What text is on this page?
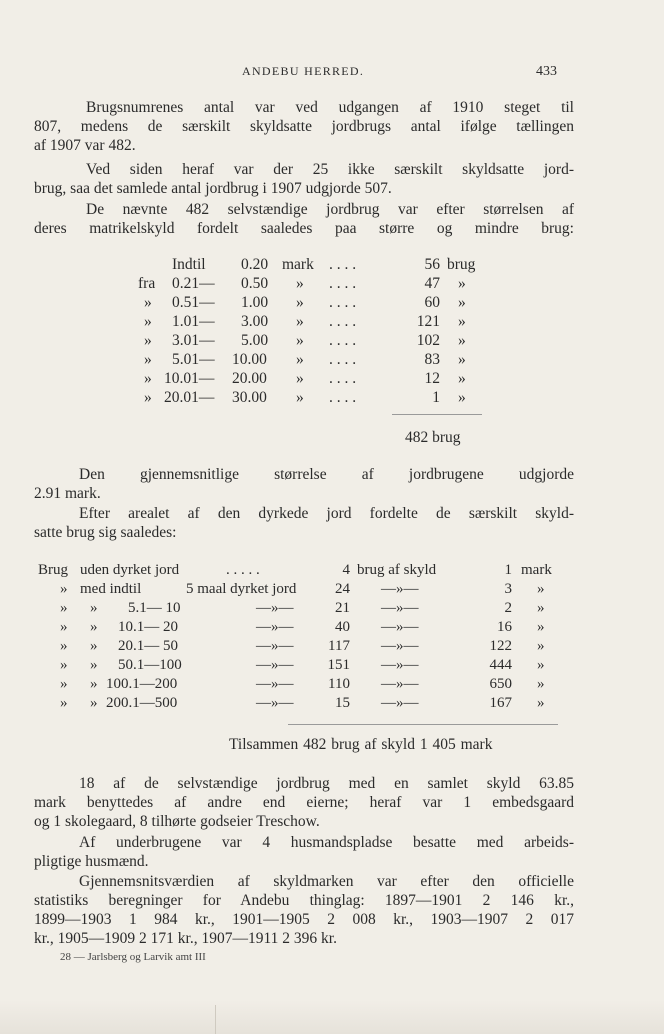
ANDEBU HERRED.	433
Brugsnumrenes antal var ved udgangen af 1910 steget til
807, medens de særskilt skyldsatte jordbrugs antal ifølge tællingen
af 1907 var 482.
Ved siden heraf var der 25 ikke særskilt skyldsatte jord-
brug, saa det samlede antal jordbrug i 1907 udgjorde 507.
De nævnte 482 selvstændige jordbrug var efter størrelsen af
deres matrikelskyld fordelt saaledes paa større og mindre brug:
Indtil 0.20 mark . . . .	56 brug
fra 0.21— 0.50 » . . . .	47 »
» 0.51— 1.00 » . . . .	60 »
» 1.01— 3.00 » . . . .	121 »
» 3.01— 5.00 » . . . .	102 »
» 5.01— 10.00 » . . . .	83 »
» 10.01— 20.00 » . . . .	12 »
» 20.01— 30.00 » . . . .	1 »
482 brug
Den gjennemsnitlige størrelse af jordbrugene udgjorde
2.91 mark.
Efter arealet af den dyrkede jord fordelte de særskilt skyld-
satte brug sig saaledes:
Brug uden dyrket jord	. . . . .	4 brug af skyld	1 mark
» med indtil	5 maal dyrket jord	24 —»—	3 »
» » 5.1— 10	—»—	21 —»—	2 »
» » 10.1— 20	—»—	40 —»—	16 »
» » 20.1— 50	—»—	117 —»—	122 »
» » 50.1—100	—»—	151 —»—	444 »
» » 100.1—200	—»—	110 —»—	650 »
» » 200.1—500	—»—	15 —»—	167 »
Tilsammen 482 brug af skyld 1 405 mark
18 af de selvstændige jordbrug med en samlet skyld 63.85
mark benyttedes af andre end eierne; heraf var 1 embedsgaard
og 1 skolegaard, 8 tilhørte godseier Treschow.
Af underbrugene var 4 husmandspladse besatte med arbeids-
pligtige husmænd.
Gjennemsnitsværdien af skyldmarken var efter den officielle
statistiks beregninger for Andebu thinglag: 1897—1901 2 146 kr.,
1899—1903 1 984 kr., 1901—1905 2 008 kr., 1903—1907 2 017
kr., 1905—1909 2 171 kr., 1907—1911 2 396 kr.
28 — Jarlsberg og Larvik amt III
